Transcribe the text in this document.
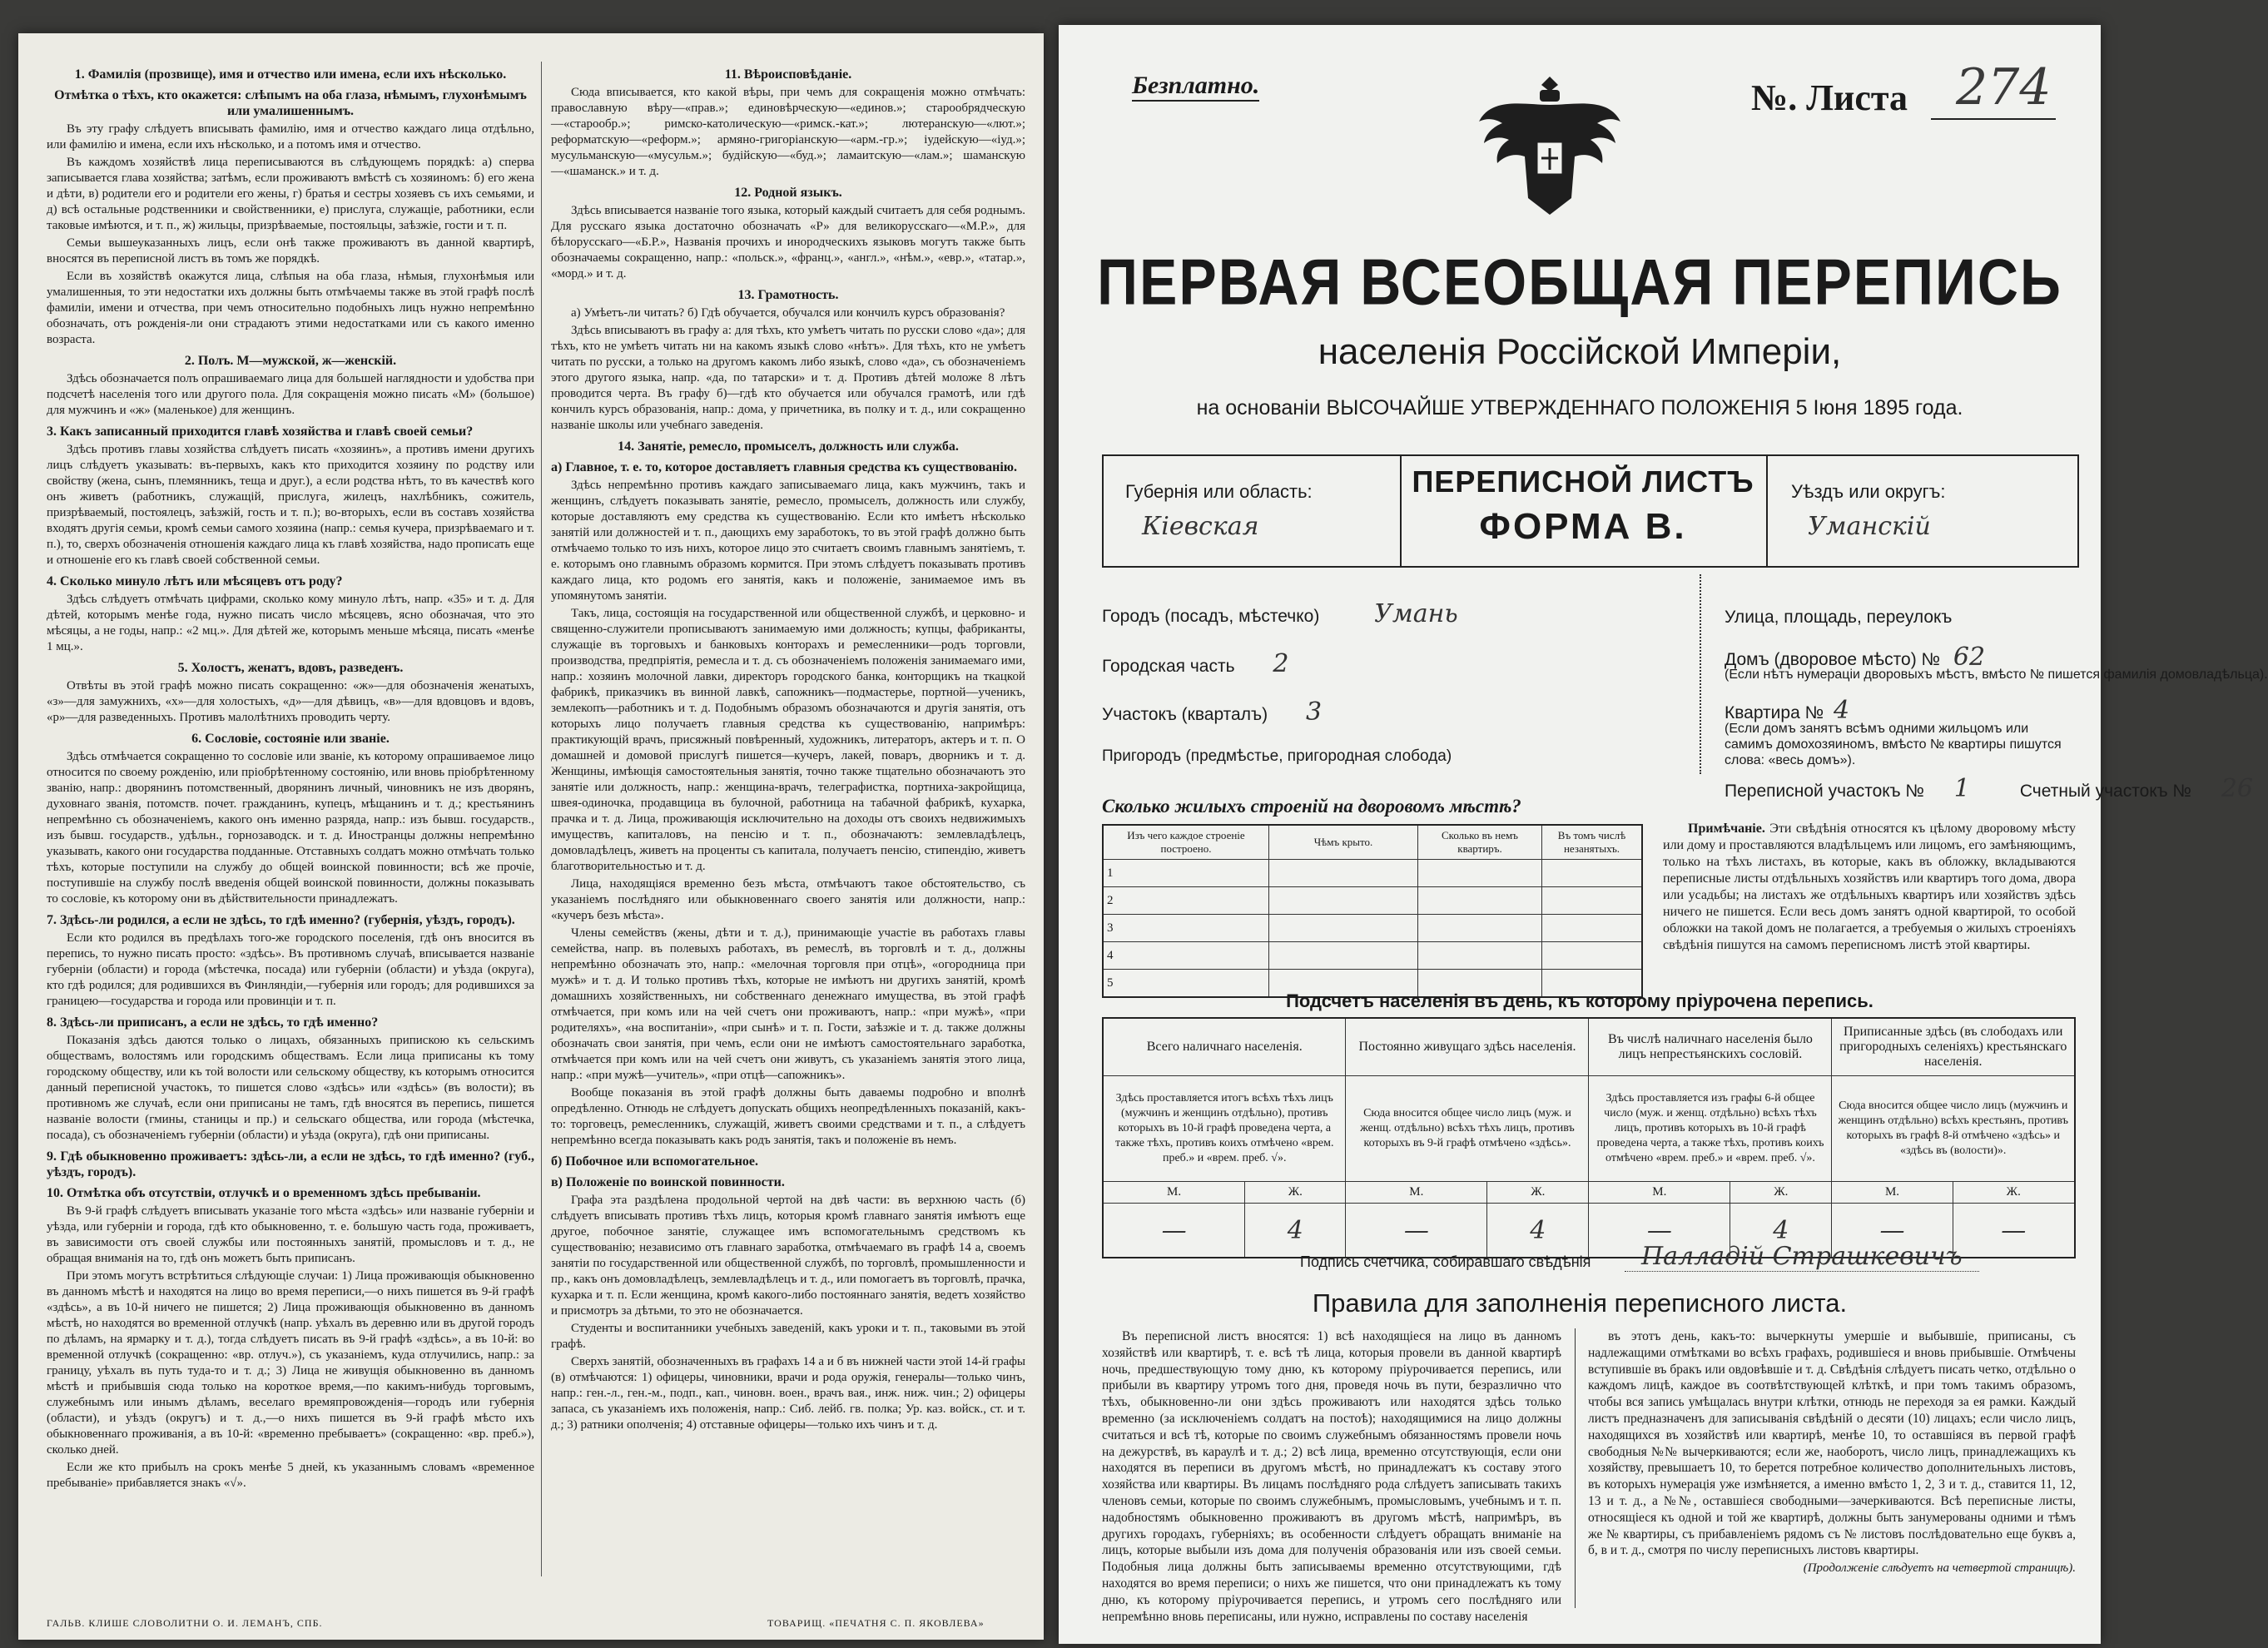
1. Фамилія (прозвище), имя и отчество или имена, если ихъ нѣсколько.

Отмѣтка о тѣхъ, кто окажется: слѣпымъ на оба глаза, нѣмымъ, глухонѣмымъ или умалишеннымъ.

Въ эту графу слѣдуетъ вписывать фамилію, имя и отчество каждаго лица отдѣльно, или фамилію и имена, если ихъ нѣсколько, и а потомъ имя и отчество.

Въ каждомъ хозяйствѣ лица переписываются въ слѣдующемъ порядкѣ: а) сперва записывается глава хозяйства; затѣмъ, если проживаютъ вмѣстѣ съ хозяиномъ: б) его жена и дѣти, в) родители его и родители его жены, г) братья и сестры хозяевъ съ ихъ семьями, и д) всѣ остальные родственники и свойственники, е) прислуга, служащіе, работники, если таковые имѣются, и т. п., ж) жильцы, призрѣваемые, постояльцы, заѣзжіе, гости и т. п.

Семьи вышеуказанныхъ лицъ, если онѣ также проживаютъ въ данной квартирѣ, вносятся въ переписной листъ въ томъ же порядкѣ.

Если въ хозяйствѣ окажутся лица, слѣпыя на оба глаза, нѣмыя, глухонѣмыя или умалишенныя, то эти недостатки ихъ должны быть отмѣчаемы также въ этой графѣ послѣ фамиліи, имени и отчества, при чемъ относительно подобныхъ лицъ нужно непремѣнно обозначать, отъ рожденія-ли они страдаютъ этими недостатками или съ какого именно возраста.

2. Полъ. М—мужской, ж—женскій.

Здѣсь обозначается полъ опрашиваемаго лица для большей наглядности и удобства при подсчетѣ населенія того или другого пола. Для сокращенія можно писать «М» (большое) для мужчинъ и «ж» (маленькое) для женщинъ.

3. Какъ записанный приходится главѣ хозяйства и главѣ своей семьи?

Здѣсь противъ главы хозяйства слѣдуетъ писать «хозяинъ», а противъ имени другихъ лицъ слѣдуетъ указывать: въ-первыхъ, какъ кто приходится хозяину по родству или свойству (жена, сынъ, племянникъ, теща и друг.), а если родства нѣтъ, то въ качествѣ кого онъ живетъ (работникъ, служащій, прислуга, жилецъ, нахлѣбникъ, сожитель, призрѣваемый, постоялецъ, заѣзжій, гость и т. п.); во-вторыхъ, если въ составъ хозяйства входятъ другія семьи, кромѣ семьи самого хозяина (напр.: семья кучера, призрѣваемаго и т. п.), то, сверхъ обозначенія отношенія каждаго лица къ главѣ хозяйства, надо прописать еще и отношеніе его къ главѣ своей собственной семьи.

4. Сколько минуло лѣтъ или мѣсяцевъ отъ роду?

Здѣсь слѣдуетъ отмѣчать цифрами, сколько кому минуло лѣтъ, напр. «35» и т. д. Для дѣтей, которымъ менѣе года, нужно писать число мѣсяцевъ, ясно обозначая, что это мѣсяцы, а не годы, напр.: «2 мц.». Для дѣтей же, которымъ меньше мѣсяца, писать «менѣе 1 мц.».

5. Холостъ, женатъ, вдовъ, разведенъ.

Отвѣты въ этой графѣ можно писать сокращенно: «ж»—для обозначенія женатыхъ, «з»—для замужнихъ, «х»—для холостыхъ, «д»—для дѣвицъ, «в»—для вдовцовъ и вдовъ, «р»—для разведенныхъ. Противъ малолѣтнихъ проводить черту.

6. Сословіе, состояніе или званіе.

Здѣсь отмѣчается сокращенно то сословіе или званіе, къ которому опрашиваемое лицо относится по своему рожденію, или пріобрѣтенному состоянію, или вновь пріобрѣтенному званію, напр.: дворянинъ потомственный, дворянинъ личный, чиновникъ не изъ дворянъ, духовнаго званія, потомств. почет. гражданинъ, купецъ, мѣщанинъ и т. д.; крестьянинъ непремѣнно съ обозначеніемъ, какого онъ именно разряда, напр.: изъ бывш. государств., изъ бывш. государств., удѣльн., горнозаводск. и т. д. Иностранцы должны непремѣнно указывать, какого они государства подданные. Отставныхъ солдатъ можно отмѣчать только тѣхъ, которые поступили на службу до общей воинской повинности; всѣ же прочіе, поступившіе на службу послѣ введенія общей воинской повинности, должны показывать то сословіе, къ которому они въ дѣйствительности принадлежатъ.

7. Здѣсь-ли родился, а если не здѣсь, то гдѣ именно? (губернія, уѣздъ, городъ).

Если кто родился въ предѣлахъ того-же городского поселенія, гдѣ онъ вносится въ перепись, то нужно писать просто: «здѣсь». Въ противномъ случаѣ, вписывается названіе губерніи (области) и города (мѣстечка, посада) или губерніи (области) и уѣзда (округа), кто гдѣ родился; для родившихся въ Финляндіи,—губернія или городъ; для родившихся за границею—государства и города или провинціи и т. п.

8. Здѣсь-ли приписанъ, а если не здѣсь, то гдѣ именно?

Показанія здѣсь даются только о лицахъ, обязанныхъ припискою къ сельскимъ обществамъ, волостямъ или городскимъ обществамъ. Если лица приписаны къ тому городскому обществу, или къ той волости или сельскому обществу, къ которымъ относится данный переписной участокъ, то пишется слово «здѣсь» или «здѣсь» (въ волости); въ противномъ же случаѣ, если они приписаны не тамъ, гдѣ вносятся въ перепись, пишется названіе волости (гмины, станицы и пр.) и сельскаго общества, или города (мѣстечка, посада), съ обозначеніемъ губерніи (области) и уѣзда (округа), гдѣ они приписаны.

9. Гдѣ обыкновенно проживаетъ: здѣсь-ли, а если не здѣсь, то гдѣ именно? (губ., уѣздъ, городъ).

10. Отмѣтка объ отсутствіи, отлучкѣ и о временномъ здѣсь пребываніи.

Въ 9-й графѣ слѣдуетъ вписывать указаніе того мѣста «здѣсь» или названіе губерніи и уѣзда, или губерніи и города, гдѣ кто обыкновенно, т. е. большую часть года, проживаетъ, въ зависимости отъ своей службы или постоянныхъ занятій, промысловъ и т. д., не обращая вниманія на то, гдѣ онъ можетъ быть приписанъ.

При этомъ могутъ встрѣтиться слѣдующіе случаи: 1) Лица проживающія обыкновенно въ данномъ мѣстѣ и находятся на лицо во время переписи,—о нихъ пишется въ 9-й графѣ «здѣсь», а въ 10-й ничего не пишется; 2) Лица проживающія обыкновенно въ данномъ мѣстѣ, но находятся во временной отлучкѣ (напр. уѣхалъ въ деревню или въ другой городъ по дѣламъ, на ярмарку и т. д.), тогда слѣдуетъ писать въ 9-й графѣ «здѣсь», а въ 10-й: во временной отлучкѣ (сокращенно: «вр. отлуч.»), съ указаніемъ, куда отлучились, напр.: за границу, уѣхалъ въ путь туда-то и т. д.; 3) Лица не живущія обыкновенно въ данномъ мѣстѣ и прибывшія сюда только на короткое время,—по какимъ-нибудь торговымъ, служебнымъ или инымъ дѣламъ, веселаго времяпровожденія—городъ или губернія (области), и уѣздъ (округъ) и т. д.,—о нихъ пишется въ 9-й графѣ мѣсто ихъ обыкновеннаго проживанія, а въ 10-й: «временно пребываетъ» (сокращенно: «вр. преб.»), сколько дней.

Если же кто прибылъ на срокъ менѣе 5 дней, къ указаннымъ словамъ «временное пребываніе» прибавляется знакъ «√».

11. Вѣроисповѣданіе.

Сюда вписывается, кто какой вѣры, при чемъ для сокращенія можно отмѣчать: православную вѣру—«прав.»; единовѣрческую—«единов.»; старообрядческую—«старообр.»; римско-католическую—«римск.-кат.»; лютеранскую—«лют.»; реформатскую—«реформ.»; армяно-григоріанскую—«арм.-гр.»; іудейскую—«іуд.»; мусульманскую—«мусульм.»; будійскую—«буд.»; ламаитскую—«лам.»; шаманскую—«шаманск.» и т. д.

12. Родной языкъ.

Здѣсь вписывается названіе того языка, который каждый считаетъ для себя роднымъ. Для русскаго языка достаточно обозначать «Р» для великорусскаго—«М.Р.», для бѣлорусскаго—«Б.Р.», Названія прочихъ и инородческихъ языковъ могутъ также быть обозначаемы сокращенно, напр.: «польск.», «франц.», «англ.», «нѣм.», «евр.», «татар.», «морд.» и т. д.

13. Грамотность.

а) Умѣетъ-ли читать? б) Гдѣ обучается, обучался или кончилъ курсъ образованія?

Здѣсь вписываютъ въ графу а: для тѣхъ, кто умѣетъ читать по русски слово «да»; для тѣхъ, кто не умѣетъ читать ни на какомъ языкѣ слово «нѣтъ». Для тѣхъ, кто не умѣетъ читать по русски, а только на другомъ какомъ либо языкѣ, слово «да», съ обозначеніемъ этого другого языка, напр. «да, по татарски» и т. д. Противъ дѣтей моложе 8 лѣтъ проводится черта. Въ графу б)—гдѣ кто обучается или обучался грамотѣ, или гдѣ кончилъ курсъ образованія, напр.: дома, у причетника, въ полку и т. д., или сокращенно названіе школы или учебнаго заведенія.

14. Занятіе, ремесло, промыселъ, должность или служба.

а) Главное, т. е. то, которое доставляетъ главныя средства къ существованію.

Здѣсь непремѣнно противъ каждаго записываемаго лица, какъ мужчинъ, такъ и женщинъ, слѣдуетъ показывать занятіе, ремесло, промыселъ, должность или службу, которые доставляютъ ему средства къ существованію. Если кто имѣетъ нѣсколько занятій или должностей и т. п., дающихъ ему заработокъ, то въ этой графѣ должно быть отмѣчаемо только то изъ нихъ, которое лицо это считаетъ своимъ главнымъ занятіемъ, т. е. которымъ оно главнымъ образомъ кормится. При этомъ слѣдуетъ показывать противъ каждаго лица, кто родомъ его занятія, какъ и положеніе, занимаемое имъ въ упомянутомъ занятіи.

Такъ, лица, состоящія на государственной или общественной службѣ, и церковно- и священно-служители прописываютъ занимаемую ими должность; купцы, фабриканты, служащіе въ торговыхъ и банковыхъ конторахъ и ремесленники—родъ торговли, производства, предпріятія, ремесла и т. д. съ обозначеніемъ положенія занимаемаго ими, напр.: хозяинъ молочной лавки, директоръ городского банка, конторщикъ на ткацкой фабрикѣ, приказчикъ въ винной лавкѣ, сапожникъ—подмастерье, портной—ученикъ, землекопъ—работникъ и т. д. Подобнымъ образомъ обозначаются и другія занятія, отъ которыхъ лицо получаетъ главныя средства къ существованію, напримѣръ: практикующій врачъ, присяжный повѣренный, художникъ, литераторъ, актеръ и т. п. О домашней и домовой прислугѣ пишется—кучеръ, лакей, поваръ, дворникъ и т. д. Женщины, имѣющія самостоятельныя занятія, точно также тщательно обозначаютъ это занятіе или должность, напр.: женщина-врачъ, телеграфистка, портниха-закройщица, швея-одиночка, продавщица въ булочной, работница на табачной фабрикѣ, кухарка, прачка и т. д. Лица, проживающія исключительно на доходы отъ своихъ недвижимыхъ имуществъ, капиталовъ, на пенсію и т. п., обозначаютъ: землевладѣлецъ, домовладѣлецъ, живетъ на проценты съ капитала, получаетъ пенсію, стипендію, живетъ благотворительностью и т. д.

Лица, находящіяся временно безъ мѣста, отмѣчаютъ такое обстоятельство, съ указаніемъ послѣдняго или обыкновеннаго своего занятія или должности, напр.: «кучеръ безъ мѣста».

Члены семействъ (жены, дѣти и т. д.), принимающіе участіе въ работахъ главы семейства, напр. въ полевыхъ работахъ, въ ремеслѣ, въ торговлѣ и т. д., должны непремѣнно обозначать это, напр.: «мелочная торговля при отцѣ», «огородница при мужѣ» и т. д. И только противъ тѣхъ, которые не имѣютъ ни другихъ занятій, кромѣ домашнихъ хозяйственныхъ, ни собственнаго денежнаго имущества, въ этой графѣ отмѣчается, при комъ или на чей счетъ они проживаютъ, напр.: «при мужѣ», «при родителяхъ», «на воспитаніи», «при сынѣ» и т. п. Гости, заѣзжіе и т. д. также должны обозначать свои занятія, при чемъ, если они не имѣютъ самостоятельнаго заработка, отмѣчается при комъ или на чей счетъ они живутъ, съ указаніемъ занятія этого лица, напр.: «при мужѣ—учитель», «при отцѣ—сапожникъ».

Вообще показанія въ этой графѣ должны быть даваемы подробно и вполнѣ опредѣленно. Отнюдь не слѣдуетъ допускать общихъ неопредѣленныхъ показаній, какъ-то: торговецъ, ремесленникъ, служащій, живетъ своими средствами и т. п., а слѣдуетъ непремѣнно всегда показывать какъ родъ занятія, такъ и положеніе въ немъ.

б) Побочное или вспомогательное.

в) Положеніе по воинской повинности.

Графа эта раздѣлена продольной чертой на двѣ части: въ верхнюю часть (б) слѣдуетъ вписывать противъ тѣхъ лицъ, которыя кромѣ главнаго занятія имѣютъ еще другое, побочное занятіе, служащее имъ вспомогательнымъ средствомъ къ существованію; независимо отъ главнаго заработка, отмѣчаемаго въ графѣ 14 а, своемъ занятіи по государственной или общественной службѣ, по торговлѣ, промышленности и пр., какъ онъ домовладѣлецъ, землевладѣлецъ и т. д., или помогаетъ въ торговлѣ, прачка, кухарка и т. п. Если женщина, кромѣ какого-либо постояннаго занятія, ведетъ хозяйство и присмотръ за дѣтьми, то это не обозначается.

Студенты и воспитанники учебныхъ заведеній, какъ уроки и т. п., таковыми въ этой графѣ.

Сверхъ занятій, обозначенныхъ въ графахъ 14 а и б въ нижней части этой 14-й графы (в) отмѣчаются: 1) офицеры, чиновники, врачи и рода оружія, генералы—только чинъ, напр.: ген.-л., ген.-м., подп., кап., чиновн. воен., врачъ вая., инж. ниж. чин.; 2) офицеры запаса, съ указаніемъ ихъ положенія, напр.: Сиб. лейб. гв. полка; Ур. каз. войск., ст. и т. д.; 3) ратники ополченія; 4) отставные офицеры—только ихъ чинъ и т. д.

ГАЛЬВ. КЛИШЕ СЛОВОЛИТНИ О. И. ЛЕМАНЪ, СПБ.	ТОВАРИЩ. «ПЕЧАТНЯ С. П. ЯКОВЛЕВА»
Безплатно.	№. Листа 274
ПЕРВАЯ ВСЕОБЩАЯ ПЕРЕПИСЬ
населенія Россійской Имперіи,
на основаніи ВЫСОЧАЙШЕ УТВЕРЖДЕННАГО ПОЛОЖЕНІЯ 5 Іюня 1895 года.
Губернія или область:
Кіевская
ПЕРЕПИСНОЙ ЛИСТЪ
ФОРМА В.
Уѣздъ или округъ:
Уманскій
Городъ (посадъ, мѣстечко) Умань	Улица, площадь, переулокъ
Городская часть 2	Домъ (дворовое мѣсто) № 62
(Если нѣтъ нумераціи дворовыхъ мѣстъ, вмѣсто № пишется фамилія домовладѣльца).
Участокъ (кварталъ) 3	Квартира № 4
(Если домъ занятъ всѣмъ одними жильцомъ или самимъ домохозяиномъ, вмѣсто № квартиры пишутся слова: «весь домъ»).
Пригородъ (предмѣстье, пригородная слобода)
Переписной участокъ № 1	Счетный участокъ № 26
Сколько жилыхъ строеній на дворовомъ мѣстѣ?
Изъ чего каждое строеніе построено.	Чѣмъ крыто.	Сколько въ немъ квартиръ.	Въ томъ числѣ незанятыхъ.
1			
2			
3			
4			
5			
Примѣчаніе. Эти свѣдѣнія относятся къ цѣлому дворовому мѣсту или дому и проставляются владѣльцемъ или лицомъ, его замѣняющимъ, только на тѣхъ листахъ, въ которые, какъ въ обложку, вкладываются переписные листы отдѣльныхъ хозяйствъ или квартиръ того дома, двора или усадьбы; на листахъ же отдѣльныхъ квартиръ или хозяйствъ здѣсь ничего не пишется. Если весь домъ занятъ одной квартирой, то особой обложки на такой домъ не полагается, а требуемыя о жилыхъ строеніяхъ свѣдѣнія пишутся на самомъ переписномъ листѣ этой квартиры.
Подсчетъ населенія въ день, къ которому пріурочена перепись.
Всего наличнаго населенія.		Постоянно живущаго здѣсь населенія.		Въ числѣ наличнаго населенія было лицъ непрестьянскихъ сословій.		Приписанные здѣсь (въ слободахъ или пригородныхъ селеніяхъ) крестьянскаго населенія.	
Здѣсь проставляется итогъ всѣхъ тѣхъ лицъ (мужчинъ и женщинъ отдѣльно), противъ которыхъ въ 10-й графѣ проведена черта, а также тѣхъ, противъ коихъ отмѣчено «врем. преб.» и «врем. преб. √».		Сюда вносится общее число лицъ (муж. и женщ. отдѣльно) всѣхъ тѣхъ лицъ, противъ которыхъ въ 9-й графѣ отмѣчено «здѣсь».		Здѣсь проставляется изъ графы 6-й общее число (муж. и женщ. отдѣльно) всѣхъ тѣхъ лицъ, противъ которыхъ въ 10-й графѣ проведена черта, а также тѣхъ, противъ коихъ отмѣчено «врем. преб.» и «врем. преб. √».		Сюда вносится общее число лицъ (мужчинъ и женщинъ отдѣльно) всѣхъ крестьянъ, противъ которыхъ въ графѣ 8-й отмѣчено «здѣсь» и «здѣсь въ (волости)».	
М.	Ж.	М.	Ж.	М.	Ж.	М.	Ж.
—	4	—	4	—	4	—	—
Подпись счетчика, собиравшаго свѣдѣнія	Палладій Страшкевичъ
Правила для заполненія переписного листа.

Въ переписной листъ вносятся: 1) всѣ находящіеся на лицо въ данномъ хозяйствѣ или квартирѣ, т. е. всѣ тѣ лица, которыя провели въ данной квартирѣ ночь, предшествующую тому дню, къ которому пріурочивается перепись, или прибыли въ квартиру утромъ того дня, проведя ночь въ пути, безразлично что тѣхъ, обыкновенно-ли они здѣсь проживаютъ или находятся здѣсь только временно (за исключеніемъ солдатъ на постоѣ); находящимися на лицо должны считаться и всѣ тѣ, которые по своимъ служебнымъ обязанностямъ провели ночь на дежурствѣ, въ караулѣ и т. д.; 2) всѣ лица, временно отсутствующія, если они находятся въ переписи въ другомъ мѣстѣ, но принадлежатъ къ составу этого хозяйства или квартиры. Въ лицамъ послѣдняго рода слѣдуетъ записывать такихъ членовъ семьи, которые по своимъ служебнымъ, промысловымъ, учебнымъ и т. п. надобностямъ обыкновенно проживаютъ въ другомъ мѣстѣ, напримѣръ, въ другихъ городахъ, губерніяхъ; въ особенности слѣдуетъ обращать вниманіе на лицъ, которые выбыли изъ дома для полученія образованія или изъ своей семьи. Подобныя лица должны быть записываемы временно отсутствующими, гдѣ находятся во время переписи; о нихъ же пишется, что они принадлежатъ къ тому дню, къ которому пріурочивается перепись, и утромъ сего послѣдняго или непремѣнно вновь переписаны, или нужно, исправлены по составу населенія

въ этотъ день, какъ-то: вычеркнуты умершіе и выбывшіе, приписаны, съ надлежащими отмѣтками во всѣхъ графахъ, родившіеся и вновь прибывшіе. Отмѣчены вступившіе въ бракъ или овдовѣвшіе и т. д. Свѣдѣнія слѣдуетъ писать четко, отдѣльно о каждомъ лицѣ, каждое въ соотвѣтствующей клѣткѣ, и при томъ такимъ образомъ, чтобы вся запись умѣщалась внутри клѣтки, отнюдь не переходя за ея рамки. Каждый листъ предназначенъ для записыванія свѣдѣній о десяти (10) лицахъ; если число лицъ, находящихся въ хозяйствѣ или квартирѣ, менѣе 10, то оставшіяся въ первой графѣ свободныя №№ вычеркиваются; если же, наоборотъ, число лицъ, принадлежащихъ къ хозяйству, превышаетъ 10, то берется потребное количество дополнительныхъ листовъ, въ которыхъ нумерація уже измѣняется, а именно вмѣсто 1, 2, 3 и т. д., ставится 11, 12, 13 и т. д., а №№, оставшіеся свободными—зачеркиваются. Всѣ переписные листы, относящіеся къ одной и той же квартирѣ, должны быть занумерованы одними и тѣмъ же № квартиры, съ прибавленіемъ рядомъ съ № листовъ послѣдовательно еще буквъ а, б, в и т. д., смотря по числу переписныхъ листовъ квартиры.

(Продолженіе слѣдуетъ на четвертой страницѣ).
